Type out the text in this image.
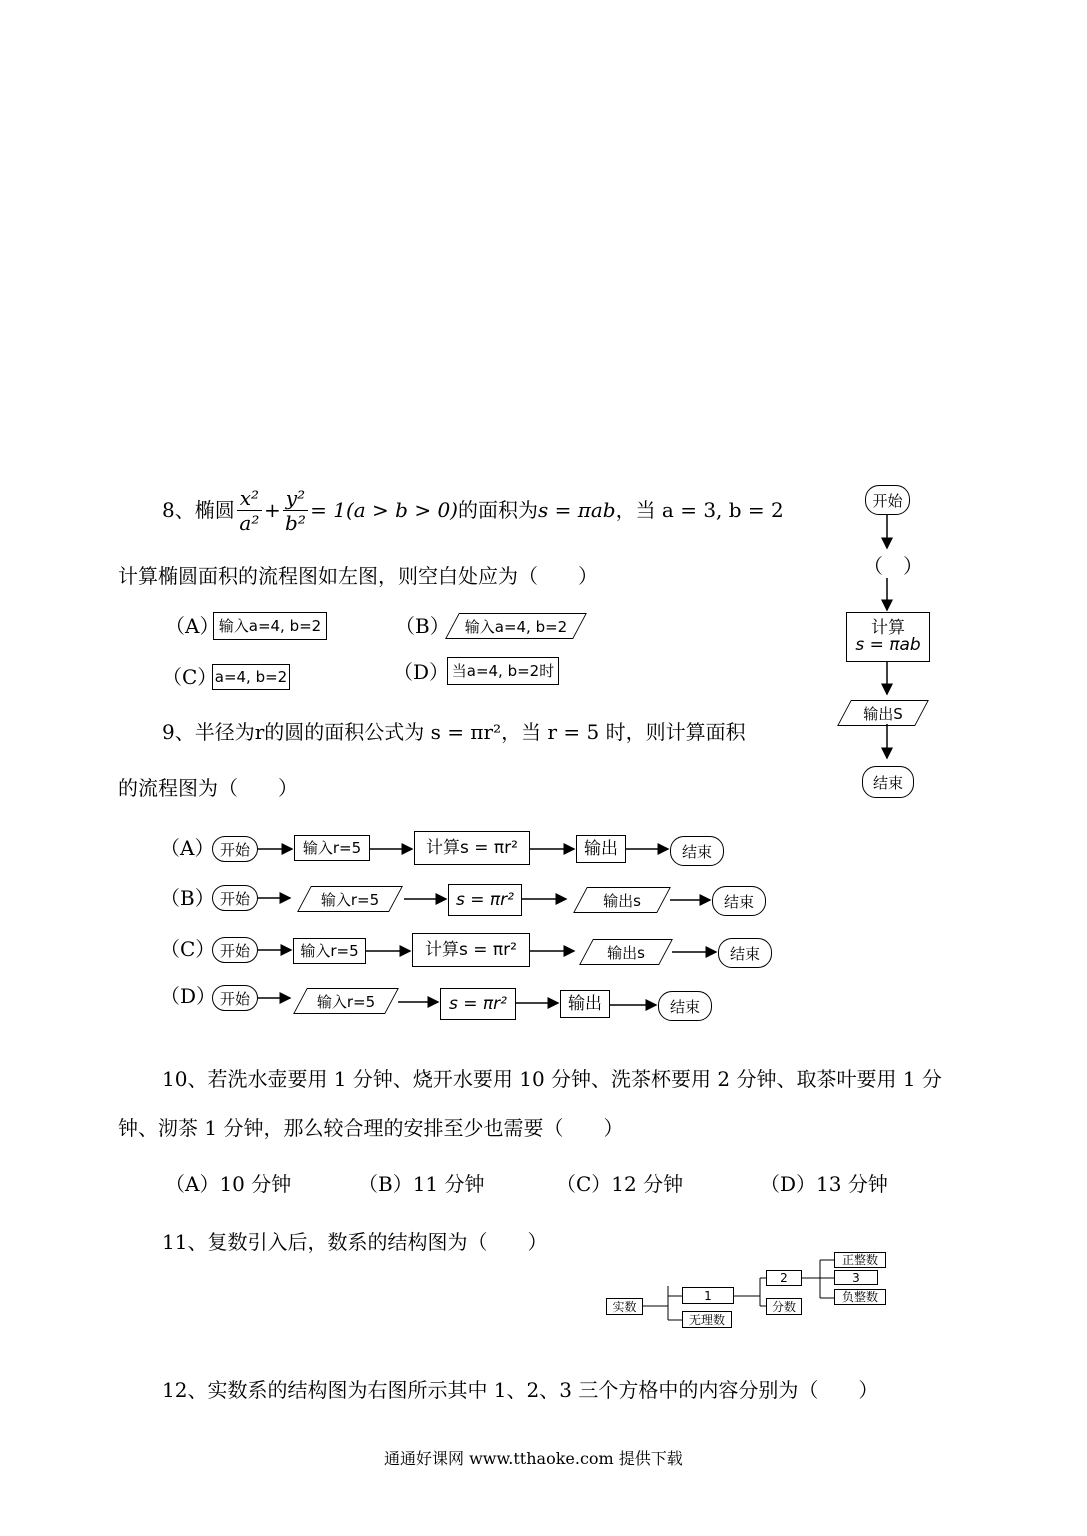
8、椭圆 $\frac{\text{x²}}{\text{a²}} + \frac{\text{y²}}{\text{b²}} = 1(a > b > 0)$ 的面积为 s = πab ，当 a = 3, b = 2
计算椭圆面积的流程图如左图，则空白处应为（　　）
（A） 输入a=4, b=2	（B） 输入a=4, b=2
（C）
a=4, b=2	（D） 当a=4, b=2时
开始
（　）
计算
s = πab
输出S
结束
9、半径为r的圆的面积公式为 s = πr²，当 r = 5 时，则计算面积
的流程图为（　　）
（A） 开始	输入r=5	计算s = πr²	输出	结束
（B） 开始	输入r=5	s = πr²	输出s	结束
（C） 开始	输入r=5	计算s = πr²	输出s	结束
（D） 开始	输入r=5	s = πr²	输出	结束
10、若洗水壶要用 1 分钟、烧开水要用 10 分钟、洗茶杯要用 2 分钟、取茶叶要用 1 分
钟、沏茶 1 分钟，那么较合理的安排至少也需要（　　）
（A）10 分钟	（B）11 分钟	（C）12 分钟	（D）13 分钟
11、复数引入后，数系的结构图为（　　）
实数
1
无理数
2
分数
正整数
3
负整数
12、实数系的结构图为右图所示其中 1、2、3 三个方格中的内容分别为（　　）
通通好课网 www.tthaoke.com 提供下载
